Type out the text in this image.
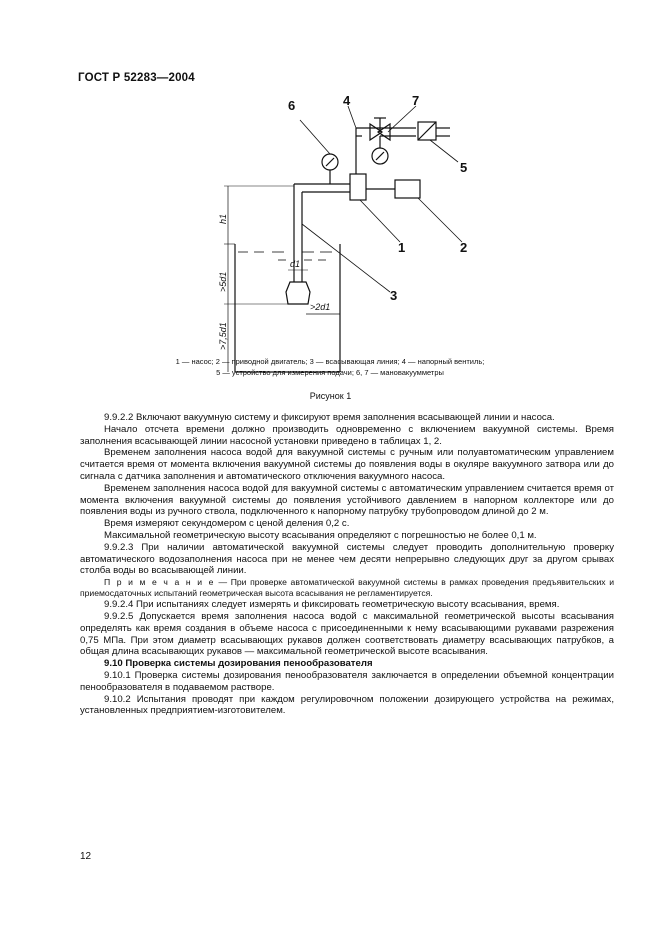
ГОСТ Р 52283—2004
6	4	7
5
1	2
3
h1
>5d1
>7,5d1
>2d1
d1
1 — насос; 2 — приводной двигатель; 3 — всасывающая линия; 4 — напорный вентиль;
5 — устройство для измерения подачи; 6, 7 — мановакуумметры
Рисунок 1

9.9.2.2 Включают вакуумную систему и фиксируют время заполнения всасывающей линии и насоса.

Начало отсчета времени должно производить одновременно с включением вакуумной системы. Время заполнения всасывающей линии насосной установки приведено в таблицах 1, 2.

Временем заполнения насоса водой для вакуумной системы с ручным или полуавтоматическим управлением считается время от момента включения вакуумной системы до появления воды в окуляре вакуумного затвора или до сигнала с датчика заполнения и автоматического отключения вакуумного насоса.

Временем заполнения насоса водой для вакуумной системы с автоматическим управлением считается время от момента включения вакуумной системы до появления устойчивого давлением в напорном коллекторе или до появления воды из ручного ствола, подключенного к напорному патрубку трубопроводом длиной до 2 м.

Время измеряют секундомером с ценой деления 0,2 с.

Максимальной геометрическую высоту всасывания определяют с погрешностью не более 0,1 м.

9.9.2.3 При наличии автоматической вакуумной системы следует проводить дополнительную проверку автоматического водозаполнения насоса при не менее чем десяти непрерывно следующих друг за другом срывах столба воды во всасывающей линии.

П р и м е ч а н и е — При проверке автоматической вакуумной системы в рамках проведения предъявительских и приемосдаточных испытаний геометрическая высота всасывания не регламентируется.

9.9.2.4 При испытаниях следует измерять и фиксировать геометрическую высоту всасывания, время.

9.9.2.5 Допускается время заполнения насоса водой с максимальной геометрической высоты всасывания определять как время создания в объеме насоса с присоединенными к нему всасывающими рукавами разрежения 0,75 МПа. При этом диаметр всасывающих рукавов должен соответствовать диаметру всасывающих патрубков, а общая длина всасывающих рукавов — максимальной геометрической высоте всасывания.

9.10 Проверка системы дозирования пенообразователя

9.10.1 Проверка системы дозирования пенообразователя заключается в определении объемной концентрации пенообразователя в подаваемом растворе.

9.10.2 Испытания проводят при каждом регулировочном положении дозирующего устройства на режимах, установленных предприятием-изготовителем.

12
